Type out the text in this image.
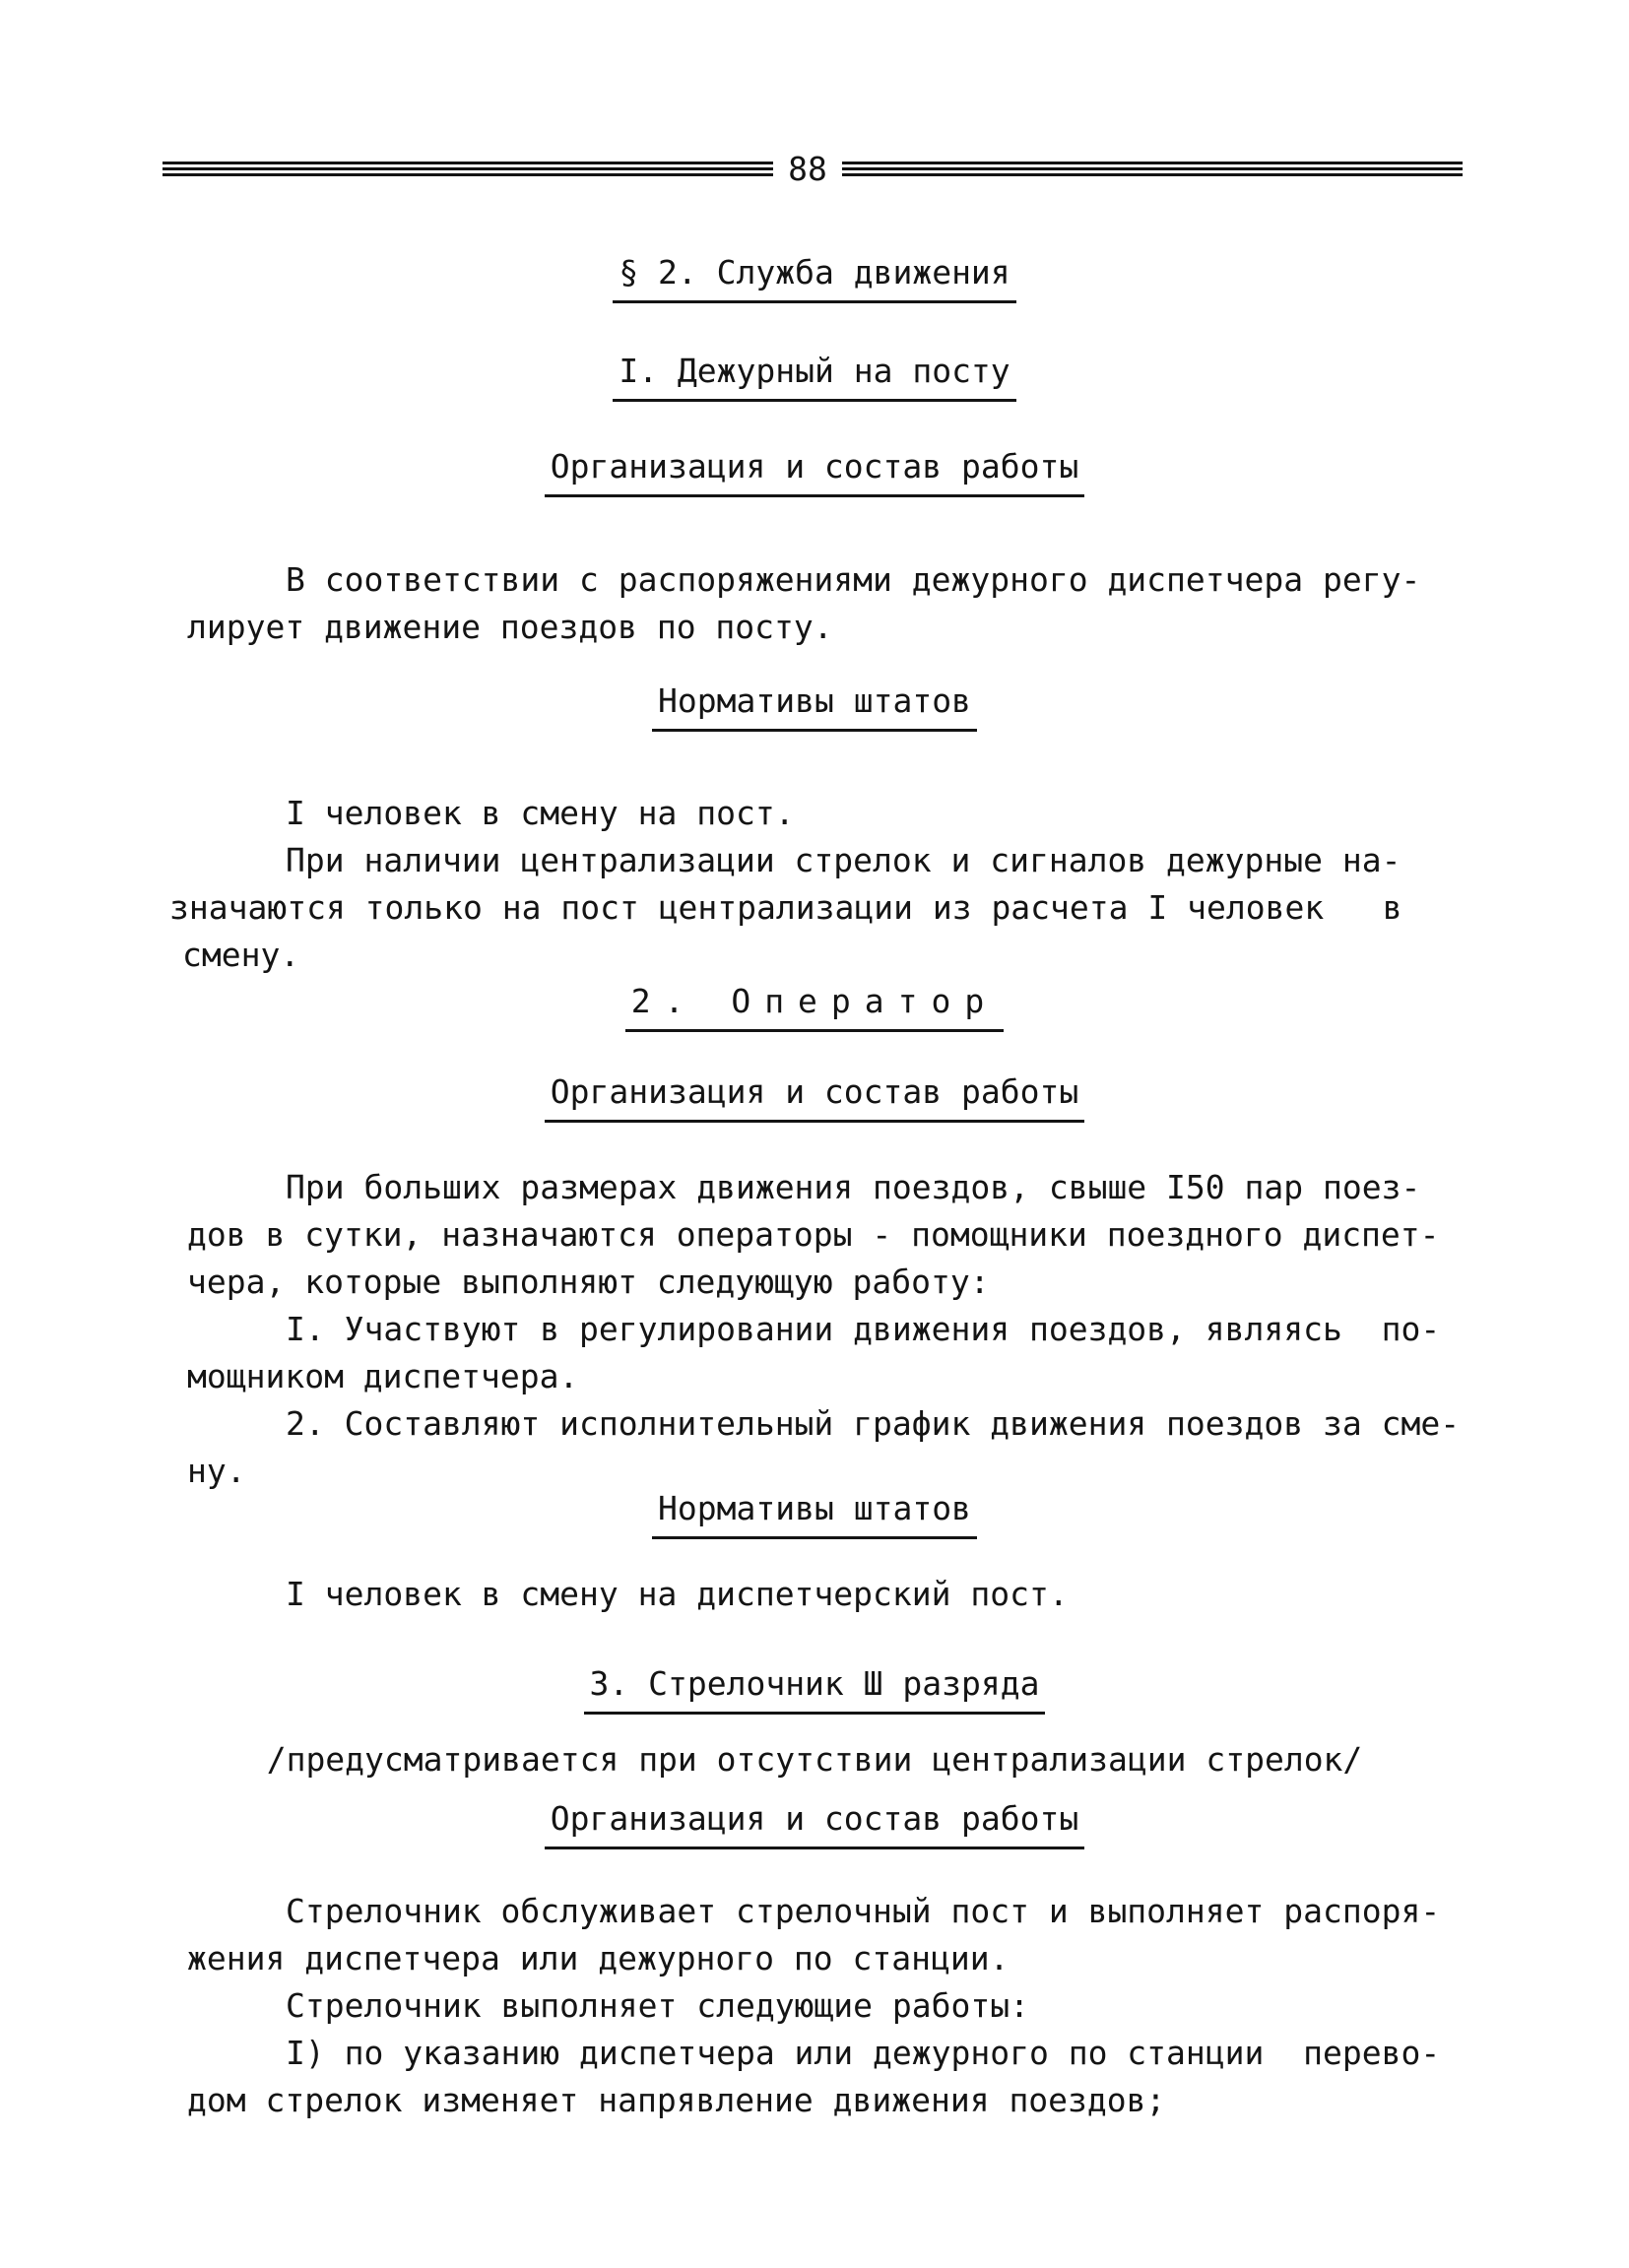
88
§ 2. Служба движения
I. Дежурный на посту
Организация и состав работы
В соответствии с распоряжениями дежурного диспетчера регу-
лирует движение поездов по посту.
Нормативы штатов
I человек в смену на пост.
При наличии централизации стрелок и сигналов дежурные на-
значаются только на пост централизации из расчета I человек   в
смену.
2. Оператор
Организация и состав работы
При больших размерах движения поездов, свыше I50 пар поез-
дов в сутки, назначаются операторы - помощники поездного диспет-
чера, которые выполняют следующую работу:
I. Участвуют в регулировании движения поездов, являясь  по-
мощником диспетчера.
2. Составляют исполнительный график движения поездов за сме-
ну.
Нормативы штатов
I человек в смену на диспетчерский пост.
3. Стрелочник Ш разряда
/предусматривается при отсутствии централизации стрелок/
Организация и состав работы
Стрелочник обслуживает стрелочный пост и выполняет распоря-
жения диспетчера или дежурного по станции.
Стрелочник выполняет следующие работы:
I) по указанию диспетчера или дежурного по станции  перево-
дом стрелок изменяет напрявление движения поездов;
